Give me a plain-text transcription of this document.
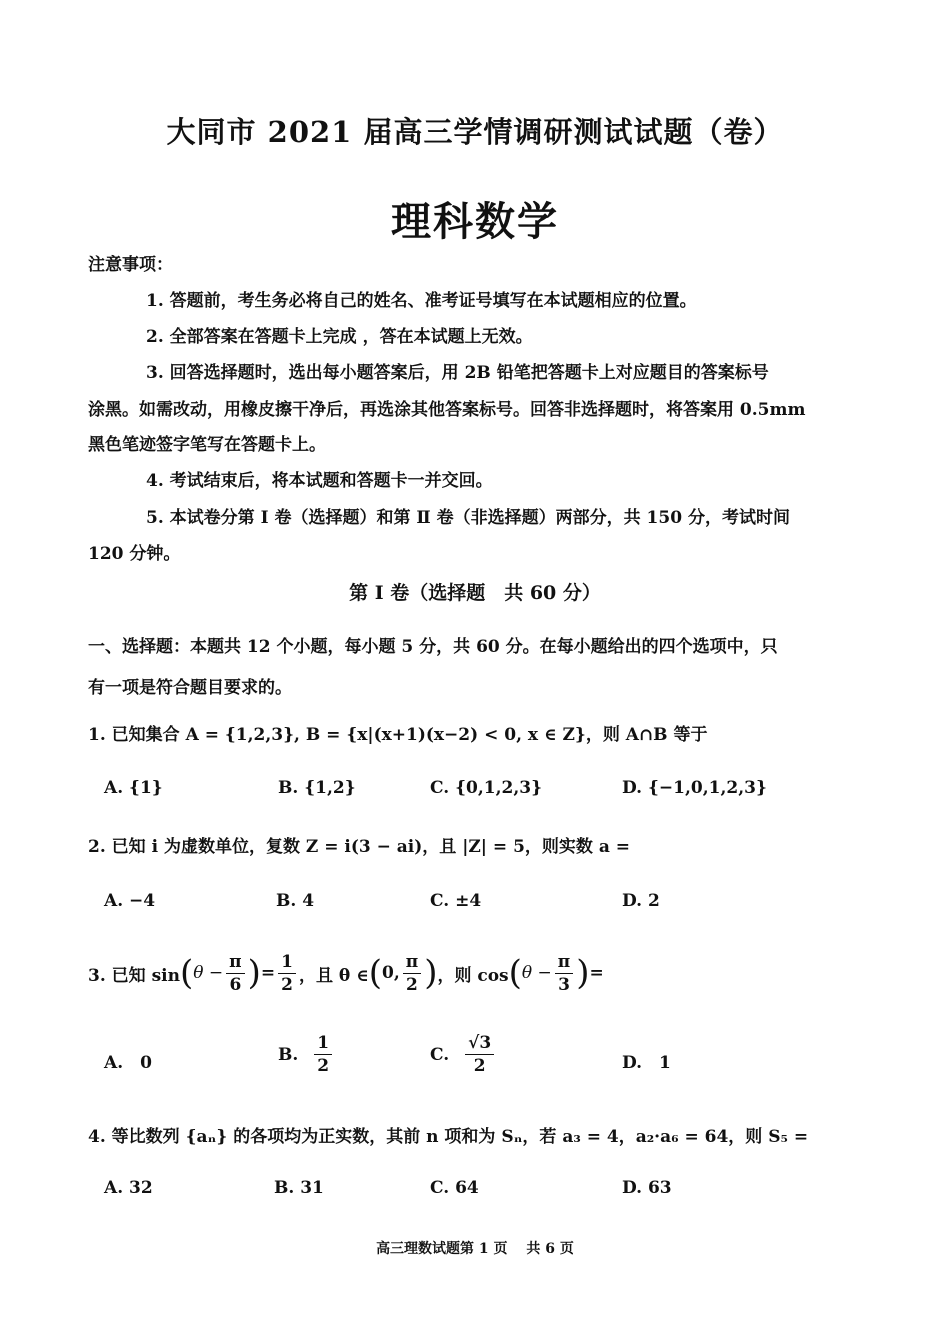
大同市 2021 届高三学情调研测试试题（卷）
理科数学
注意事项：
1. 答题前，考生务必将自己的姓名、准考证号填写在本试题相应的位置。
2. 全部答案在答题卡上完成 ，答在本试题上无效。
3. 回答选择题时，选出每小题答案后，用 2B 铅笔把答题卡上对应题目的答案标号
涂黑。如需改动，用橡皮擦干净后，再选涂其他答案标号。回答非选择题时，将答案用 0.5mm
黑色笔迹签字笔写在答题卡上。
4. 考试结束后，将本试题和答题卡一并交回。
5. 本试卷分第 Ⅰ 卷（选择题）和第 Ⅱ 卷（非选择题）两部分，共 150 分，考试时间
120 分钟。
第 Ⅰ 卷（选择题　共 60 分）
一、选择题：本题共 12 个小题，每小题 5 分，共 60 分。在每小题给出的四个选项中，只
有一项是符合题目要求的。
1. 已知集合 A = {1,2,3}, B = {x|(x+1)(x−2) < 0, x ∈ Z}，则 A∩B 等于
A. {1}	B. {1,2}	C. {0,1,2,3}	D. {−1,0,1,2,3}
2. 已知 i 为虚数单位，复数 Z = i(3 − ai)，且 |Z| = 5，则实数 a =
A. −4	B. 4	C. ±4	D. 2
3. 已知 sin ( $\theta - \frac{\pi}{6}$ ) = $\frac{1}{2}$ ，且 θ ∈ ( 0, $\frac{\pi}{2}$ ) ，则 cos ( $\theta - \frac{\pi}{3}$ ) =
A.　0	B. $\frac{1}{2}$	C. $\frac{√3}{2}$	D.　1
4. 等比数列 {aₙ} 的各项均为正实数，其前 n 项和为 Sₙ，若 a₃ = 4，a₂·a₆ = 64，则 S₅ =
A. 32	B. 31	C. 64	D. 63
高三理数试题第 1 页　 共 6 页
